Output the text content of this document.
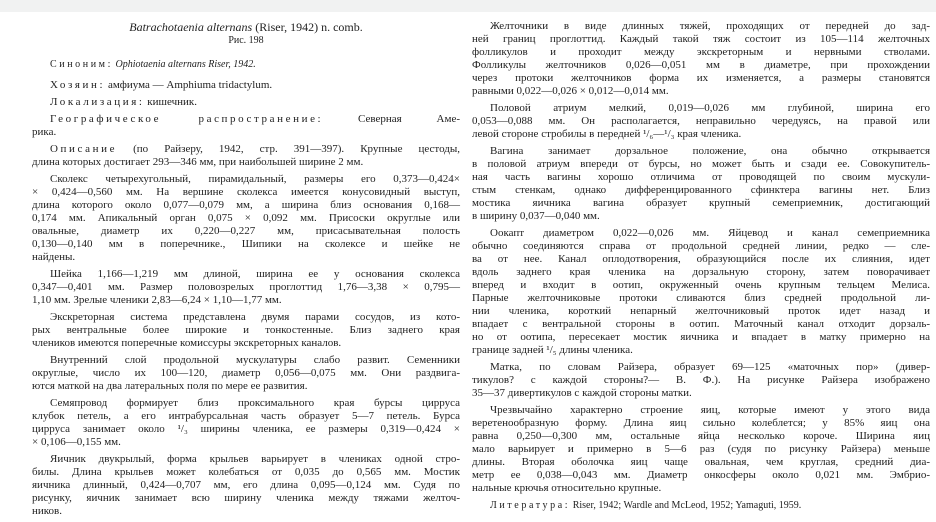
Batrachotaenia alternans (Riser, 1942) n. comb.
Рис. 198
Синоним: Ophiotaenia alternans Riser, 1942.
Хозяин: амфиума — Amphiuma tridactylum.
Локализация: кишечник.
Географическое распространение:	Северная Аме-
рика.
Описание (по Райзеру, 1942, стр. 391—397). Крупные цестоды,
длина которых достигает 293—346 мм, при наибольшей ширине 2 мм.
Сколекс четырехугольный, пирамидальный, размеры его 0,373—0,424×
× 0,424—0,560 мм. На вершине сколекса имеется конусовидный выступ,
длина которого около 0,077—0,079 мм, а ширина близ основания 0,168—
0,174 мм. Апикальный орган 0,075 × 0,092 мм. Присоски округлые или
овальные, диаметр их 0,220—0,227 мм, присасывательная полость
0,130—0,140 мм в поперечнике., Шипики на сколексе и шейке не
найдены.
Шейка 1,166—1,219 мм длиной, ширина ее у основания сколекса
0,347—0,401 мм. Размер половозрелых проглоттид 1,76—3,38 × 0,795—
1,10 мм. Зрелые членики 2,83—6,24 × 1,10—1,77 мм.
Экскреторная система представлена двумя парами сосудов, из кото-
рых вентральные более широкие и тонкостенные. Близ заднего края
члеников имеются поперечные комиссуры экскреторных каналов.
Внутренний слой продольной мускулатуры слабо развит. Семенники
округлые, число их 100—120, диаметр 0,056—0,075 мм. Они раздвига-
ются маткой на два латеральных поля по мере ее развития.
Семяпровод формирует близ проксимального края бурсы цирруса
клубок петель, а его интрабурсальная часть образует 5—7 петель. Бурса
цирруса занимает около ¹/₃ ширины членика, ее размеры 0,319—0,424 ×
× 0,106—0,155 мм.
Яичник двукрылый, форма крыльев варьирует в члениках одной стро-
билы. Длина крыльев может колебаться от 0,035 до 0,565 мм. Мостик
яичника длинный, 0,424—0,707 мм, его длина 0,095—0,124 мм. Судя по
рисунку, яичник занимает всю ширину членика между тяжами желточ-
ников.
Желточники в виде длинных тяжей, проходящих от передней до зад-
ней границ проглоттид. Каждый такой тяж состоит из 105—114 желточных
фолликулов и проходит между экскреторным и нервными стволами.
Фолликулы желточников 0,026—0,051 мм в диаметре, при прохождении
через протоки желточников форма их изменяется, а размеры становятся
равными 0,022—0,026 × 0,012—0,014 мм.
Половой атриум мелкий, 0,019—0,026 мм глубиной, ширина его
0,053—0,088 мм. Он располагается, неправильно чередуясь, на правой или
левой стороне стробилы в передней ¹/₆—¹/₃ края членика.
Вагина занимает дорзальное положение, она обычно открывается
в половой атриум впереди от бурсы, но может быть и сзади ее. Совокупитель-
ная часть вагины хорошо отличима от проводящей по своим мускули-
стым стенкам, однако дифференцированного сфинктера вагины нет. Близ
мостика яичника вагина образует крупный семеприемник, достигающий
в ширину 0,037—0,040 мм.
Оокапт диаметром 0,022—0,026 мм. Яйцевод и канал семеприемника
обычно соединяются справа от продольной средней линии, редко — сле-
ва от нее. Канал оплодотворения, образующийся после их слияния, идет
вдоль заднего края членика на дорзальную сторону, затем поворачивает
вперед и входит в оотип, окруженный очень крупным тельцем Мелиса.
Парные желточниковые протоки сливаются близ средней продольной ли-
нии членика, короткий непарный желточниковый проток идет назад и
впадает с вентральной стороны в оотип. Маточный канал отходит дорзаль-
но от оотипа, пересекает мостик яичника и впадает в матку примерно на
границе задней ¹/₅ длины членика.
Матка, по словам Райзера, образует 69—125 «маточных пор» (дивер-
тикулов? с каждой стороны?— В. Ф.). На рисунке Райзера изображено
35—37 дивертикулов с каждой стороны матки.
Чрезвычайно характерно строение яиц, которые имеют у этого вида
веретенообразную форму. Длина яиц сильно колеблется; у 85% яиц она
равна 0,250—0,300 мм, остальные яйца несколько короче. Ширина яиц
мало варьирует и примерно в 5—6 раз (судя по рисунку Райзера) меньше
длины. Вторая оболочка яиц чаще овальная, чем круглая, средний диа-
метр ее 0,038—0,043 мм. Диаметр онкосферы около 0,021 мм. Эмбрио-
нальные крючья относительно крупные.
Литература: Riser, 1942; Wardle and McLeod, 1952; Yamaguti, 1959.
